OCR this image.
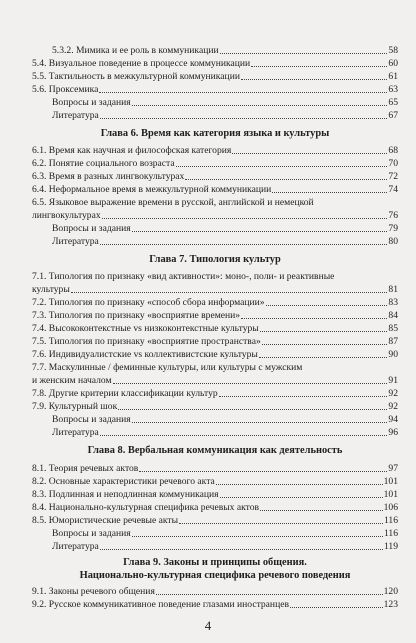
5.3.2. Мимика и ее роль в коммуникации	58
5.4. Визуальное поведение в процессе коммуникации	60
5.5. Тактильность в межкультурной коммуникации	61
5.6. Проксемика	63
Вопросы и задания	65
Литература	67
Глава 6. Время как категория языка и культуры
6.1. Время как научная и философская категория	68
6.2. Понятие социального возраста	70
6.3. Время в разных лингвокультурах	72
6.4. Неформальное время в межкультурной коммуникации	74
6.5. Языковое выражение времени в русской, английской и немецкой
лингвокультурах	76
Вопросы и задания	79
Литература	80
Глава 7. Типология культур
7.1. Типология по признаку «вид активности»: моно-, поли- и реактивные
культуры	81
7.2. Типология по признаку «способ сбора информации»	83
7.3. Типология по признаку «восприятие времени»	84
7.4. Высококонтекстные vs низкоконтекстные культуры	85
7.5. Типология по признаку «восприятие пространства»	87
7.6. Индивидуалистские vs коллективистские культуры	90
7.7. Маскулинные / феминные культуры, или культуры с мужским
и женским началом	91
7.8. Другие критерии классификации культур	92
7.9. Культурный шок	92
Вопросы и задания	94
Литература	96
Глава 8. Вербальная коммуникация как деятельность
8.1. Теория речевых актов	97
8.2. Основные характеристики речевого акта	101
8.3. Подлинная и неподлинная коммуникация	101
8.4. Национально-культурная специфика речевых актов	106
8.5. Юмористические речевые акты	116
Вопросы и задания	116
Литература	119
Глава 9. Законы и принципы общения.
Национально-культурная специфика речевого поведения
9.1. Законы речевого общения	120
9.2. Русское коммуникативное поведение глазами иностранцев	123
4
